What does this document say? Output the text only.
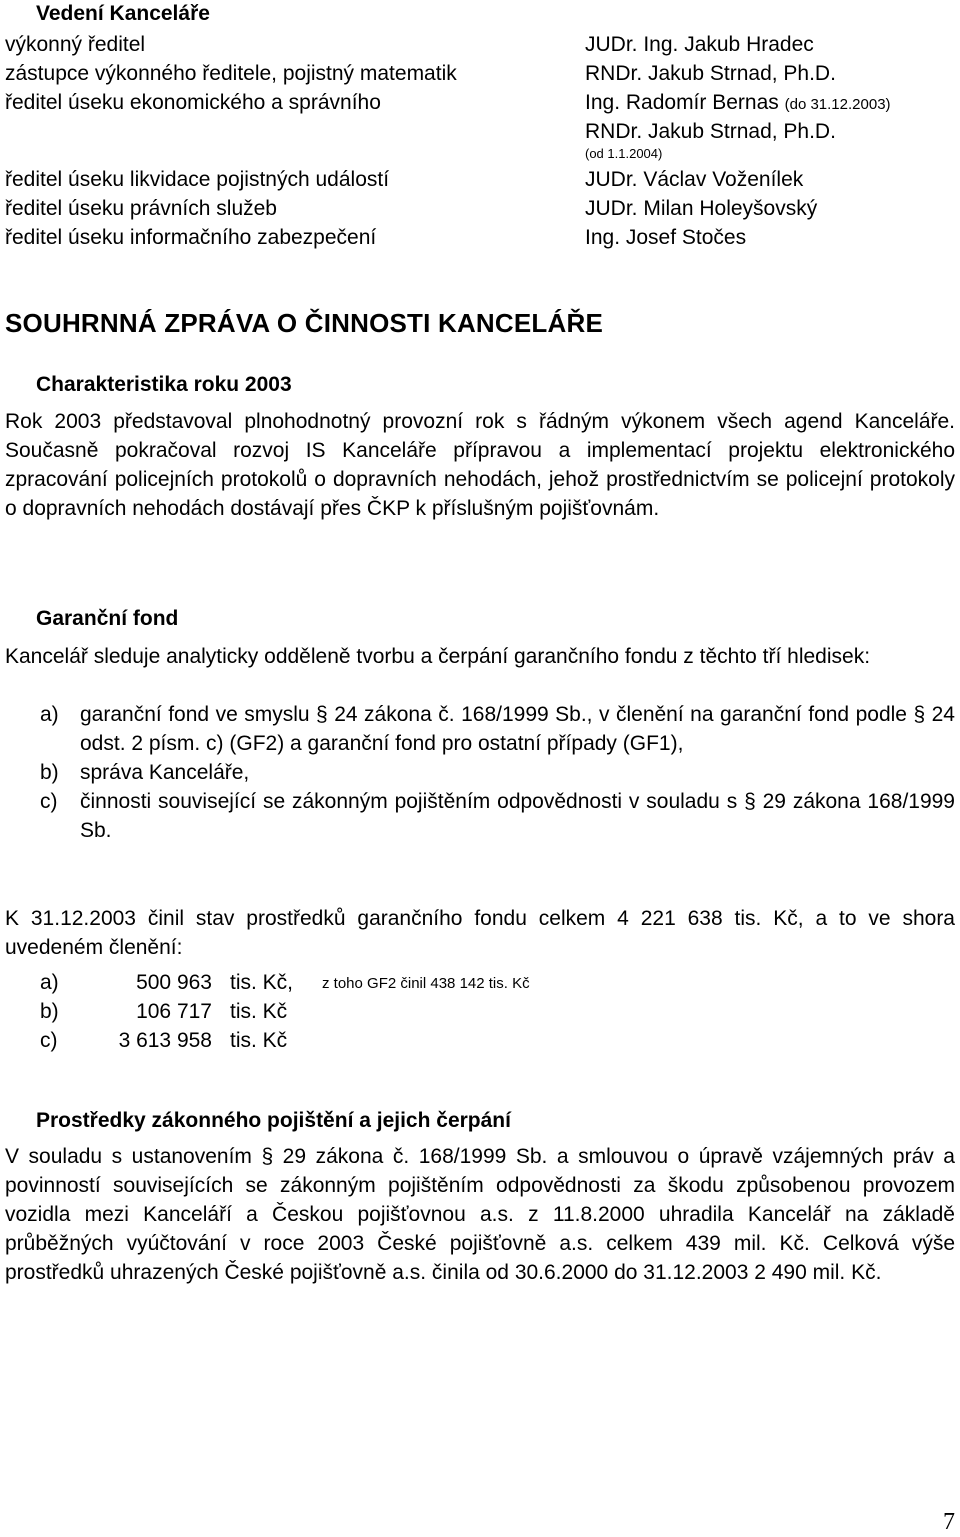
Vedení Kanceláře
výkonný ředitel	JUDr. Ing. Jakub Hradec
zástupce výkonného ředitele, pojistný matematik	RNDr. Jakub Strnad, Ph.D.
ředitel úseku ekonomického a správního	Ing. Radomír Bernas (do 31.12.2003)
RNDr. Jakub Strnad, Ph.D.
(od 1.1.2004)
ředitel úseku likvidace pojistných událostí	JUDr. Václav Voženílek
ředitel úseku právních služeb	JUDr. Milan Holeyšovský
ředitel úseku informačního zabezpečení	Ing. Josef Stočes
SOUHRNNÁ ZPRÁVA O ČINNOSTI KANCELÁŘE
Charakteristika roku 2003

Rok 2003 představoval plnohodnotný provozní rok s řádným výkonem všech agend Kanceláře. Současně pokračoval rozvoj IS Kanceláře přípravou a implementací projektu elektronického zpracování policejních protokolů o dopravních nehodách, jehož prostřednictvím se policejní protokoly o dopravních nehodách dostávají přes ČKP k příslušným pojišťovnám.

Garanční fond

Kancelář sleduje analyticky odděleně tvorbu a čerpání garančního fondu z těchto tří hledisek:

a) garanční fond ve smyslu § 24 zákona č. 168/1999 Sb., v členění na garanční fond podle § 24 odst. 2 písm. c) (GF2) a garanční fond pro ostatní případy (GF1),
b) správa Kanceláře,
c) činnosti související se zákonným pojištěním odpovědnosti v souladu s § 29 zákona 168/1999 Sb.

K 31.12.2003 činil stav prostředků garančního fondu celkem 4 221 638 tis. Kč, a to ve shora uvedeném členění:

a)	500 963 tis. Kč, z toho GF2 činil 438 142 tis. Kč
b)	106 717 tis. Kč
c)	3 613 958 tis. Kč
Prostředky zákonného pojištění a jejich čerpání

V souladu s ustanovením § 29 zákona č. 168/1999 Sb. a smlouvou o úpravě vzájemných práv a povinností souvisejících se zákonným pojištěním odpovědnosti za škodu způsobenou provozem vozidla mezi Kanceláří a Českou pojišťovnou a.s. z 11.8.2000 uhradila Kancelář na základě průběžných vyúčtování v roce 2003 České pojišťovně a.s. celkem 439 mil. Kč. Celková výše prostředků uhrazených České pojišťovně a.s. činila od 30.6.2000 do 31.12.2003 2 490 mil. Kč.

7
